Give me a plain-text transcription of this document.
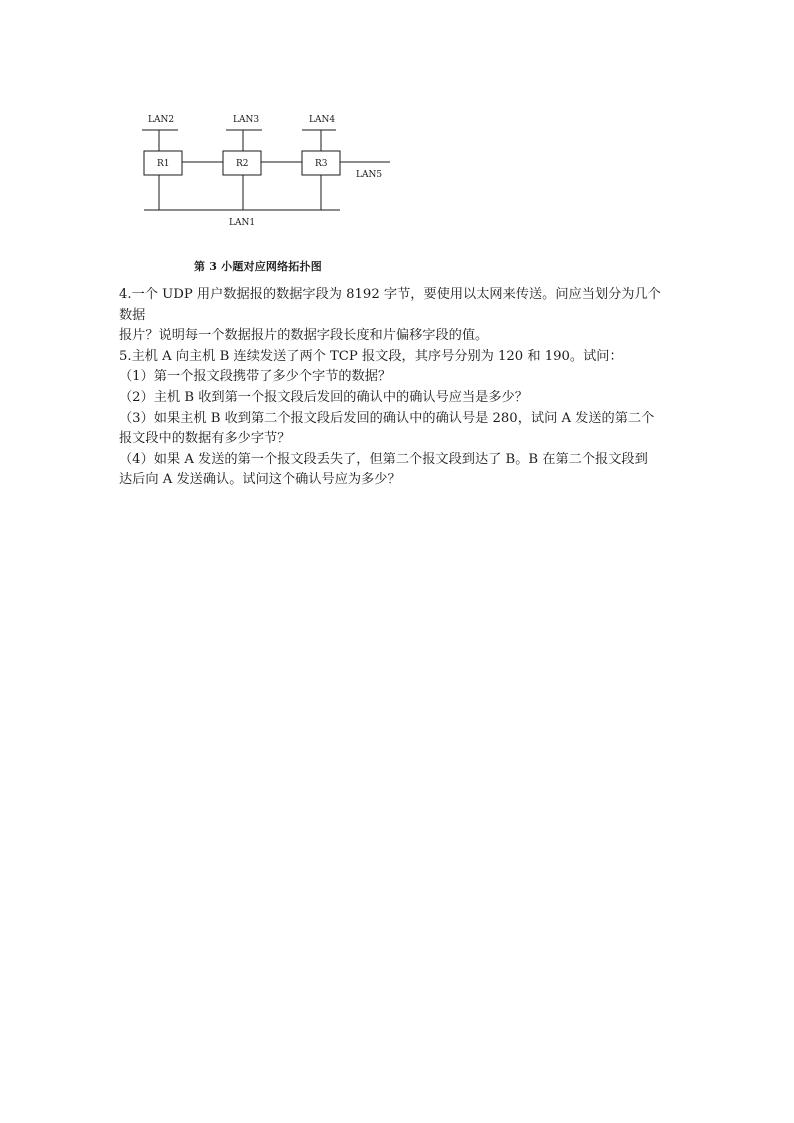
LAN2	LAN3	LAN4
R1	R2	R3
LAN5
LAN1
第 3 小题对应网络拓扑图

4.一个 UDP 用户数据报的数据字段为 8192 字节，要使用以太网来传送。问应当划分为几个

数据

报片？说明每一个数据报片的数据字段长度和片偏移字段的值。

5.主机 A 向主机 B 连续发送了两个 TCP 报文段，其序号分别为 120 和 190。试问：

（1）第一个报文段携带了多少个字节的数据？

（2）主机 B 收到第一个报文段后发回的确认中的确认号应当是多少？

（3）如果主机 B 收到第二个报文段后发回的确认中的确认号是 280，试问 A 发送的第二个

报文段中的数据有多少字节？

（4）如果 A 发送的第一个报文段丢失了，但第二个报文段到达了 B。B 在第二个报文段到

达后向 A 发送确认。试问这个确认号应为多少？
